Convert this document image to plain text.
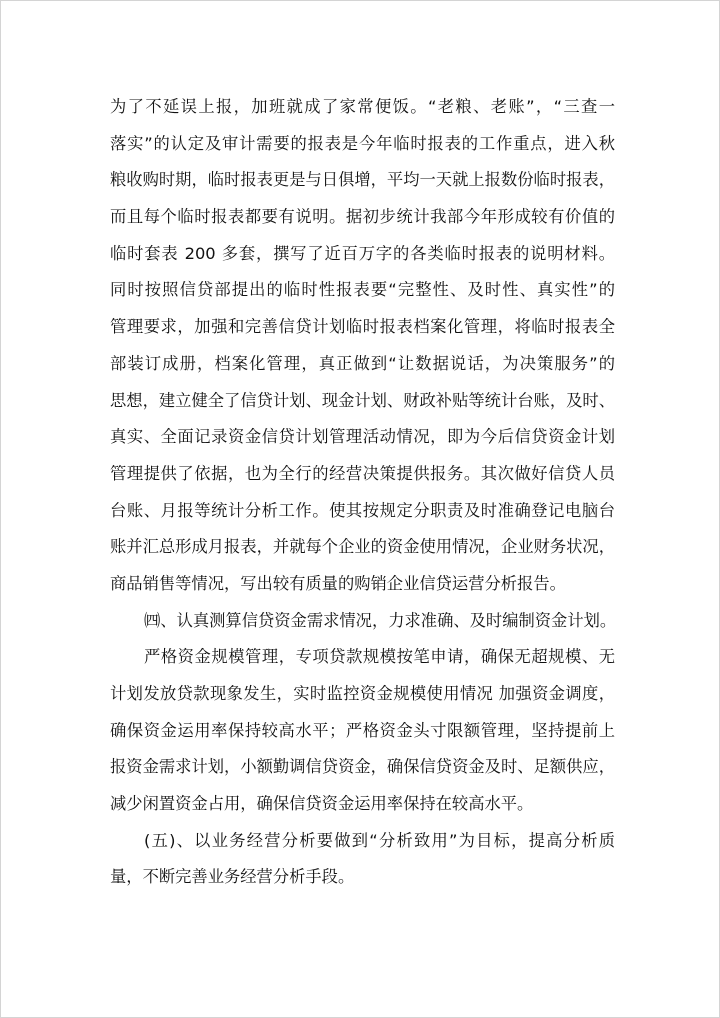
为了不延误上报，加班就成了家常便饭。“老粮、老账”，“三查一
落实”的认定及审计需要的报表是今年临时报表的工作重点，进入秋
粮收购时期，临时报表更是与日俱增，平均一天就上报数份临时报表，
而且每个临时报表都要有说明。据初步统计我部今年形成较有价值的
临时套表 200 多套，撰写了近百万字的各类临时报表的说明材料。
同时按照信贷部提出的临时性报表要“完整性、及时性、真实性”的
管理要求，加强和完善信贷计划临时报表档案化管理，将临时报表全
部装订成册，档案化管理，真正做到“让数据说话，为决策服务”的
思想，建立健全了信贷计划、现金计划、财政补贴等统计台账，及时、
真实、全面记录资金信贷计划管理活动情况，即为今后信贷资金计划
管理提供了依据，也为全行的经营决策提供报务。其次做好信贷人员
台账、月报等统计分析工作。使其按规定分职责及时准确登记电脑台
账并汇总形成月报表，并就每个企业的资金使用情况，企业财务状况，
商品销售等情况，写出较有质量的购销企业信贷运营分析报告。
㈣、认真测算信贷资金需求情况，力求准确、及时编制资金计划。
严格资金规模管理，专项贷款规模按笔申请，确保无超规模、无
计划发放贷款现象发生，实时监控资金规模使用情况 加强资金调度，
确保资金运用率保持较高水平；严格资金头寸限额管理，坚持提前上
报资金需求计划，小额勤调信贷资金，确保信贷资金及时、足额供应，
减少闲置资金占用，确保信贷资金运用率保持在较高水平。
(五)、以业务经营分析要做到“分析致用”为目标，提高分析质
量，不断完善业务经营分析手段。
